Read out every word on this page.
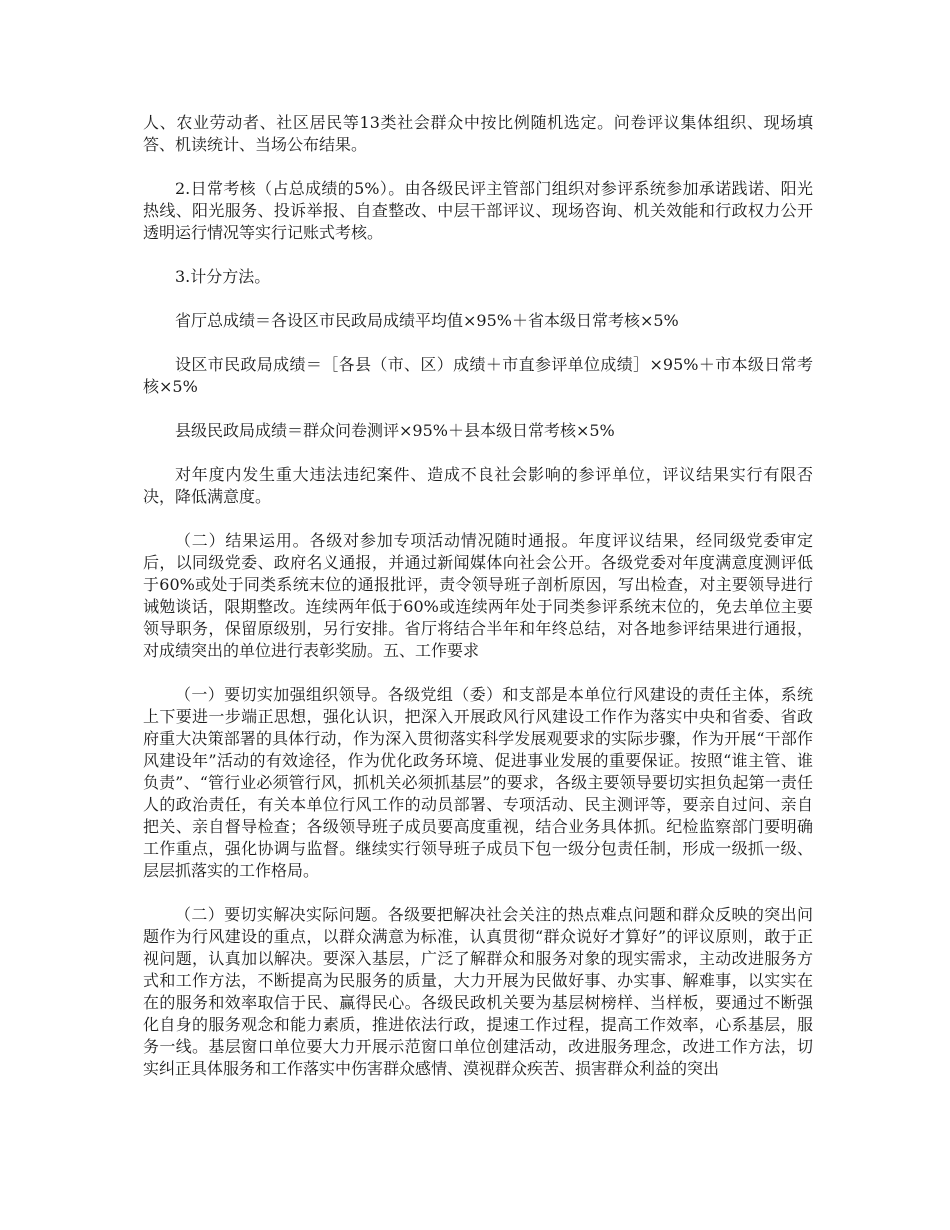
人、农业劳动者、社区居民等13类社会群众中按比例随机选定。问卷评议集体组织、现场填答、机读统计、当场公布结果。

2.日常考核（占总成绩的5%）。由各级民评主管部门组织对参评系统参加承诺践诺、阳光热线、阳光服务、投诉举报、自查整改、中层干部评议、现场咨询、机关效能和行政权力公开透明运行情况等实行记账式考核。

3.计分方法。

省厅总成绩＝各设区市民政局成绩平均值×95%＋省本级日常考核×5%

设区市民政局成绩＝［各县（市、区）成绩＋市直参评单位成绩］×95%＋市本级日常考核×5%

县级民政局成绩＝群众问卷测评×95%＋县本级日常考核×5%

对年度内发生重大违法违纪案件、造成不良社会影响的参评单位，评议结果实行有限否决，降低满意度。

（二）结果运用。各级对参加专项活动情况随时通报。年度评议结果，经同级党委审定后，以同级党委、政府名义通报，并通过新闻媒体向社会公开。各级党委对年度满意度测评低于60%或处于同类系统末位的通报批评，责令领导班子剖析原因，写出检查，对主要领导进行诫勉谈话，限期整改。连续两年低于60%或连续两年处于同类参评系统末位的，免去单位主要领导职务，保留原级别，另行安排。省厅将结合半年和年终总结，对各地参评结果进行通报，对成绩突出的单位进行表彰奖励。五、工作要求

（一）要切实加强组织领导。各级党组（委）和支部是本单位行风建设的责任主体，系统上下要进一步端正思想，强化认识，把深入开展政风行风建设工作作为落实中央和省委、省政府重大决策部署的具体行动，作为深入贯彻落实科学发展观要求的实际步骤，作为开展“干部作风建设年”活动的有效途径，作为优化政务环境、促进事业发展的重要保证。按照“谁主管、谁负责”、“管行业必须管行风，抓机关必须抓基层”的要求，各级主要领导要切实担负起第一责任人的政治责任，有关本单位行风工作的动员部署、专项活动、民主测评等，要亲自过问、亲自把关、亲自督导检查；各级领导班子成员要高度重视，结合业务具体抓。纪检监察部门要明确工作重点，强化协调与监督。继续实行领导班子成员下包一级分包责任制，形成一级抓一级、层层抓落实的工作格局。

（二）要切实解决实际问题。各级要把解决社会关注的热点难点问题和群众反映的突出问题作为行风建设的重点，以群众满意为标准，认真贯彻“群众说好才算好”的评议原则，敢于正视问题，认真加以解决。要深入基层，广泛了解群众和服务对象的现实需求，主动改进服务方式和工作方法，不断提高为民服务的质量，大力开展为民做好事、办实事、解难事，以实实在在的服务和效率取信于民、赢得民心。各级民政机关要为基层树榜样、当样板，要通过不断强化自身的服务观念和能力素质，推进依法行政，提速工作过程，提高工作效率，心系基层，服务一线。基层窗口单位要大力开展示范窗口单位创建活动，改进服务理念，改进工作方法，切实纠正具体服务和工作落实中伤害群众感情、漠视群众疾苦、损害群众利益的突出
